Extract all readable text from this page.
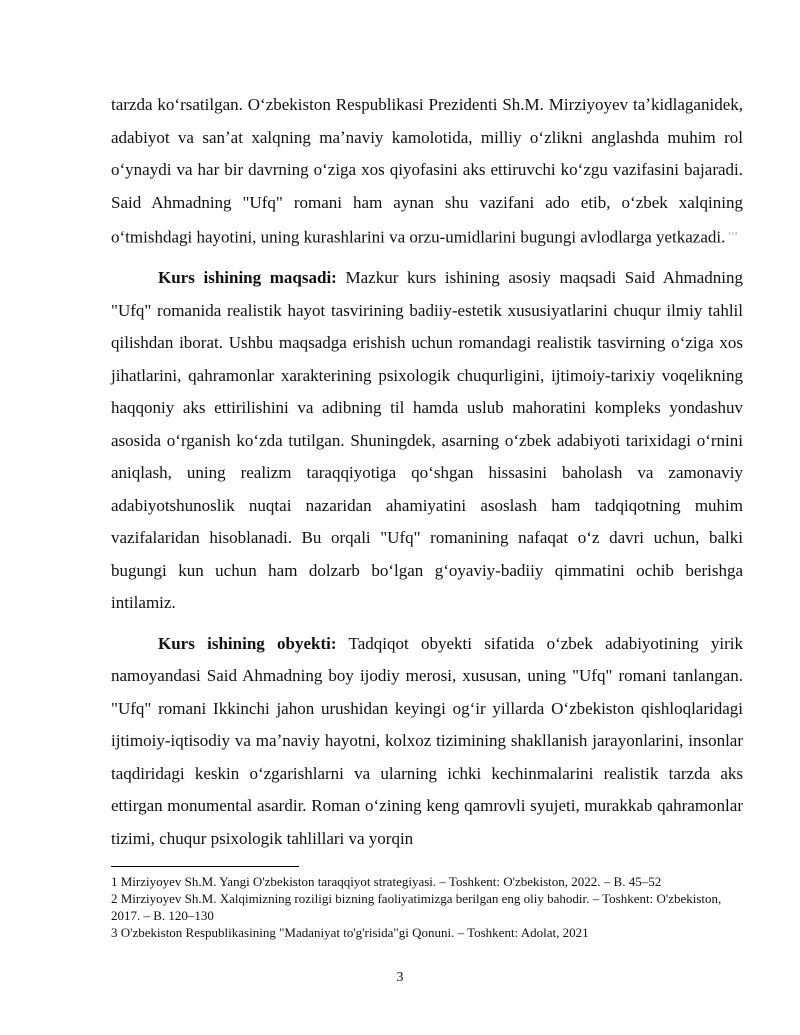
tarzda koʻrsatilgan. Oʻzbekiston Respublikasi Prezidenti Sh.M. Mirziyoyev taʼkidlaganidek, adabiyot va sanʼat xalqning maʼnaviy kamolotida, milliy oʻzlikni anglashda muhim rol oʻynaydi va har bir davrning oʻziga xos qiyofasini aks ettiruvchi koʻzgu vazifasini bajaradi. Said Ahmadning "Ufq" romani ham aynan shu vazifani ado etib, oʻzbek xalqining oʻtmishdagi hayotini, uning kurashlarini va orzu-umidlarini bugungi avlodlarga yetkazadi. $^{^1 ^2 ^3}$

Kurs ishining maqsadi: Mazkur kurs ishining asosiy maqsadi Said Ahmadning "Ufq" romanida realistik hayot tasvirining badiiy-estetik xususiyatlarini chuqur ilmiy tahlil qilishdan iborat. Ushbu maqsadga erishish uchun romandagi realistik tasvirning oʻziga xos jihatlarini, qahramonlar xarakterining psixologik chuqurligini, ijtimoiy-tarixiy voqelikning haqqoniy aks ettirilishini va adibning til hamda uslub mahoratini kompleks yondashuv asosida oʻrganish koʻzda tutilgan. Shuningdek, asarning oʻzbek adabiyoti tarixidagi oʻrnini aniqlash, uning realizm taraqqiyotiga qoʻshgan hissasini baholash va zamonaviy adabiyotshunoslik nuqtai nazaridan ahamiyatini asoslash ham tadqiqotning muhim vazifalaridan hisoblanadi. Bu orqali "Ufq" romanining nafaqat oʻz davri uchun, balki bugungi kun uchun ham dolzarb boʻlgan gʻoyaviy-badiiy qimmatini ochib berishga intilamiz.

Kurs ishining obyekti: Tadqiqot obyekti sifatida oʻzbek adabiyotining yirik namoyandasi Said Ahmadning boy ijodiy merosi, xususan, uning "Ufq" romani tanlangan. "Ufq" romani Ikkinchi jahon urushidan keyingi ogʻir yillarda Oʻzbekiston qishloqlaridagi ijtimoiy-iqtisodiy va maʼnaviy hayotni, kolxoz tizimining shakllanish jarayonlarini, insonlar taqdiridagi keskin oʻzgarishlarni va ularning ichki kechinmalarini realistik tarzda aks ettirgan monumental asardir. Roman oʻzining keng qamrovli syujeti, murakkab qahramonlar tizimi, chuqur psixologik tahlillari va yorqin

1 Mirziyoyev Sh.M. Yangi O'zbekiston taraqqiyot strategiyasi. – Toshkent: O'zbekiston, 2022. – B. 45–52

2 Mirziyoyev Sh.M. Xalqimizning roziligi bizning faoliyatimizga berilgan eng oliy bahodir. – Toshkent: O'zbekiston, 2017. – B. 120–130

3 O'zbekiston Respublikasining "Madaniyat to'g'risida"gi Qonuni. – Toshkent: Adolat, 2021

3
